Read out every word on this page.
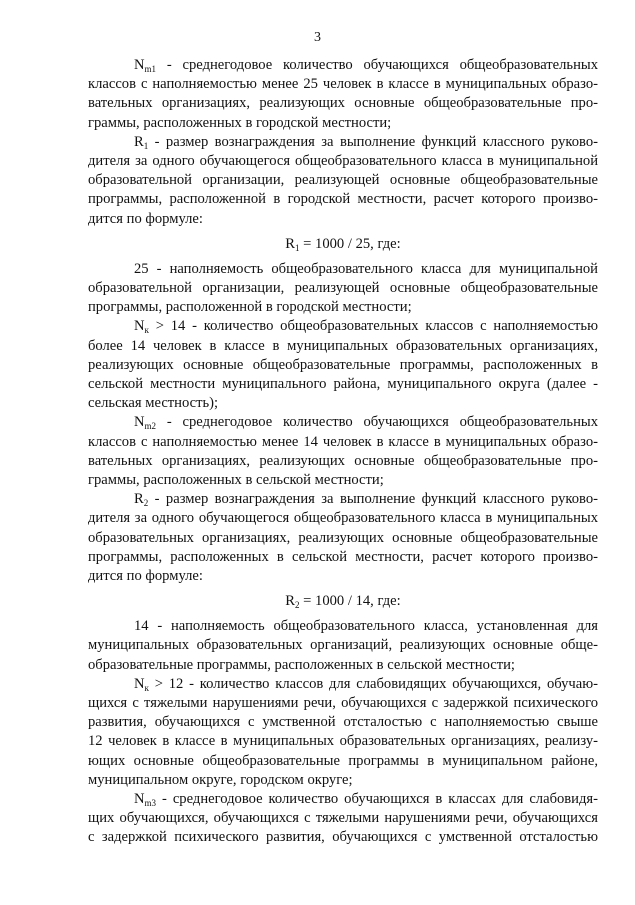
3
$N_{m1}$ - среднегодовое количество обучающихся общеобразовательных
классов с наполняемостью менее 25 человек в классе в муниципальных образо-
вательных организациях, реализующих основные общеобразовательные про-
граммы, расположенных в городской местности;
$R_1$ - размер вознаграждения за выполнение функций классного руково-
дителя за одного обучающегося общеобразовательного класса в муниципальной
образовательной организации, реализующей основные общеобразовательные
программы, расположенной в городской местности, расчет которого произво-
дится по формуле:
$R_1 = 1000 / 25$, где:
25 - наполняемость общеобразовательного класса для муниципальной
образовательной организации, реализующей основные общеобразовательные
программы, расположенной в городской местности;
$N_к > 14$ - количество общеобразовательных классов с наполняемостью
более 14 человек в классе в муниципальных образовательных организациях,
реализующих основные общеобразовательные программы, расположенных в
сельской местности муниципального района, муниципального округа (далее -
сельская местность);
$N_{m2}$ - среднегодовое количество обучающихся общеобразовательных
классов с наполняемостью менее 14 человек в классе в муниципальных образо-
вательных организациях, реализующих основные общеобразовательные про-
граммы, расположенных в сельской местности;
$R_2$ - размер вознаграждения за выполнение функций классного руково-
дителя за одного обучающегося общеобразовательного класса в муниципальных
образовательных организациях, реализующих основные общеобразовательные
программы, расположенных в сельской местности, расчет которого произво-
дится по формуле:
$R_2 = 1000 / 14$, где:
14 - наполняемость общеобразовательного класса, установленная для
муниципальных образовательных организаций, реализующих основные обще-
образовательные программы, расположенных в сельской местности;
$N_к > 12$ - количество классов для слабовидящих обучающихся, обучаю-
щихся с тяжелыми нарушениями речи, обучающихся с задержкой психического
развития, обучающихся с умственной отсталостью с наполняемостью свыше
12 человек в классе в муниципальных образовательных организациях, реализу-
ющих основные общеобразовательные программы в муниципальном районе,
муниципальном округе, городском округе;
$N_{m3}$ - среднегодовое количество обучающихся в классах для слабовидя-
щих обучающихся, обучающихся с тяжелыми нарушениями речи, обучающихся
с задержкой психического развития, обучающихся с умственной отсталостью
